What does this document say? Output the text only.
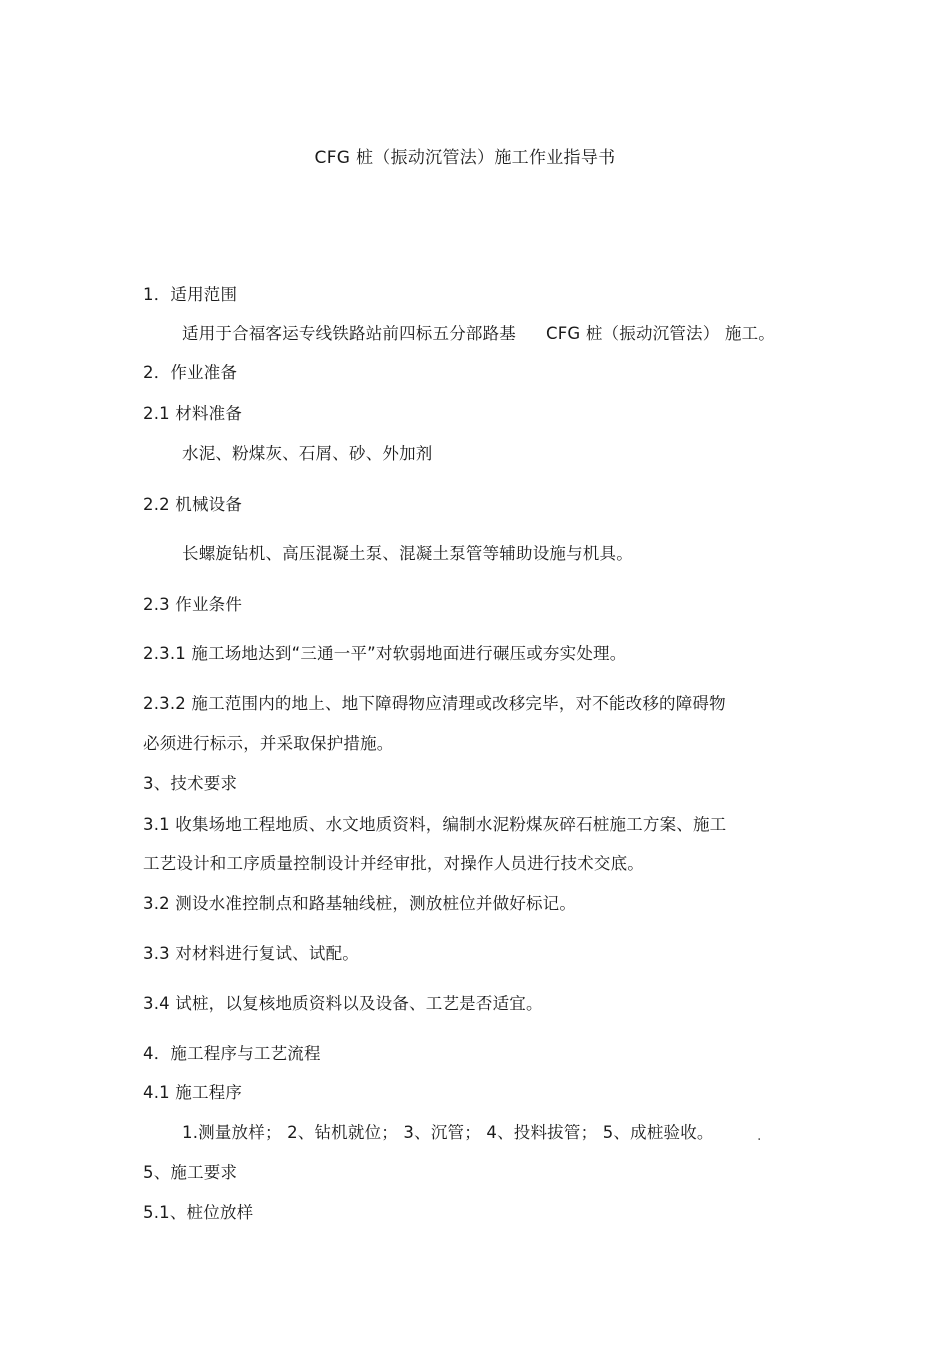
CFG 桩（振动沉管法）施工作业指导书
1．适用范围
适用于合福客运专线铁路站前四标五分部路基 CFG 桩（振动沉管法） 施工。
2．作业准备
2.1 材料准备
水泥、粉煤灰、石屑、砂、外加剂
2.2 机械设备
长螺旋钻机、高压混凝土泵、混凝土泵管等辅助设施与机具。
2.3 作业条件
2.3.1 施工场地达到“三通一平”对软弱地面进行碾压或夯实处理。
2.3.2 施工范围内的地上、地下障碍物应清理或改移完毕，对不能改移的障碍物
必须进行标示，并采取保护措施。
3、技术要求
3.1 收集场地工程地质、水文地质资料，编制水泥粉煤灰碎石桩施工方案、施工
工艺设计和工序质量控制设计并经审批，对操作人员进行技术交底。
3.2 测设水准控制点和路基轴线桩，测放桩位并做好标记。
3.3 对材料进行复试、试配。
3.4 试桩，以复核地质资料以及设备、工艺是否适宜。
4．施工程序与工艺流程
4.1 施工程序
1.测量放样； 2、钻机就位； 3、沉管； 4、投料拔管； 5、成桩验收。	·
5、施工要求
5.1、桩位放样
